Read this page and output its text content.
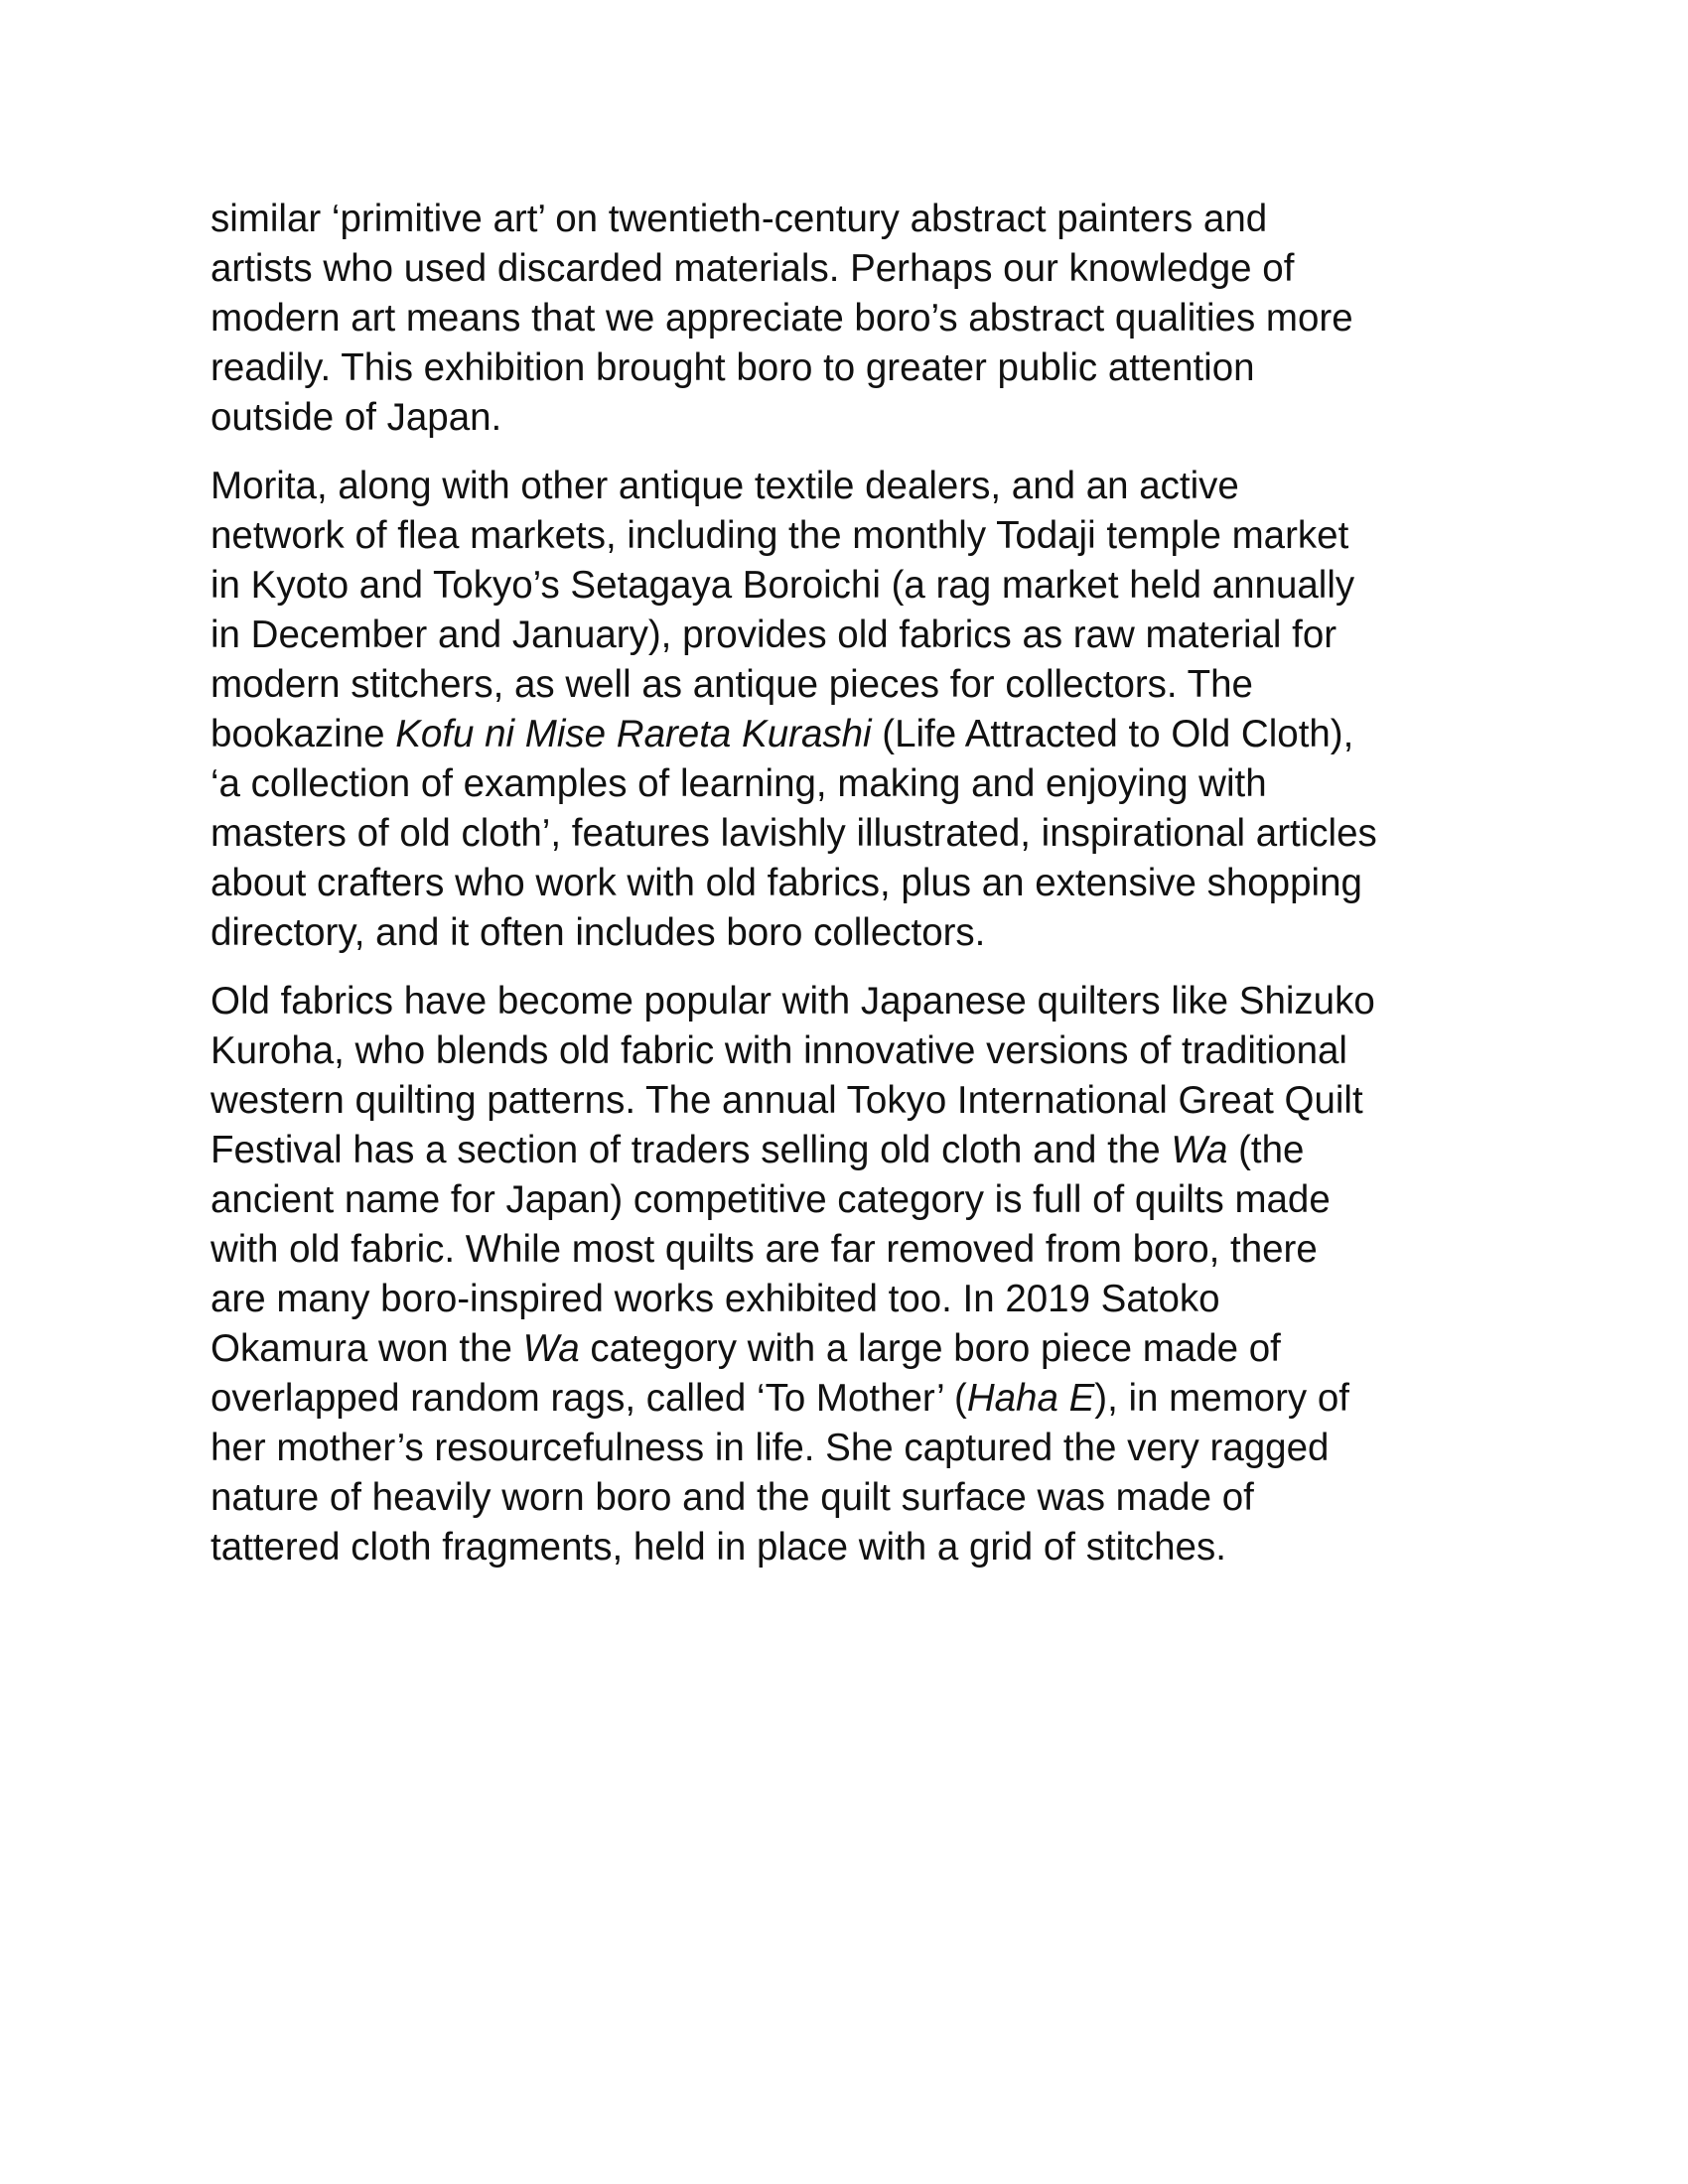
similar ‘primitive art’ on twentieth-century abstract painters and
artists who used discarded materials. Perhaps our knowledge of
modern art means that we appreciate boro’s abstract qualities more
readily. This exhibition brought boro to greater public attention
outside of Japan.

Morita, along with other antique textile dealers, and an active
network of flea markets, including the monthly Todaji temple market
in Kyoto and Tokyo’s Setagaya Boroichi (a rag market held annually
in December and January), provides old fabrics as raw material for
modern stitchers, as well as antique pieces for collectors. The
bookazine Kofu ni Mise Rareta Kurashi (Life Attracted to Old Cloth),
‘a collection of examples of learning, making and enjoying with
masters of old cloth’, features lavishly illustrated, inspirational articles
about crafters who work with old fabrics, plus an extensive shopping
directory, and it often includes boro collectors.

Old fabrics have become popular with Japanese quilters like Shizuko
Kuroha, who blends old fabric with innovative versions of traditional
western quilting patterns. The annual Tokyo International Great Quilt
Festival has a section of traders selling old cloth and the Wa (the
ancient name for Japan) competitive category is full of quilts made
with old fabric. While most quilts are far removed from boro, there
are many boro-inspired works exhibited too. In 2019 Satoko
Okamura won the Wa category with a large boro piece made of
overlapped random rags, called ‘To Mother’ (Haha E), in memory of
her mother’s resourcefulness in life. She captured the very ragged
nature of heavily worn boro and the quilt surface was made of
tattered cloth fragments, held in place with a grid of stitches.
